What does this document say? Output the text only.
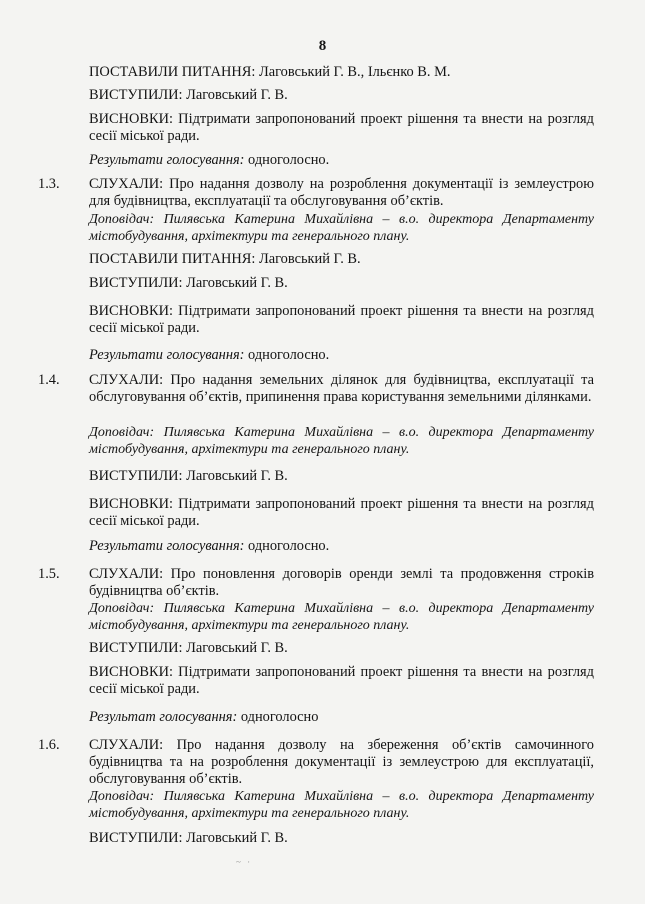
8

ПОСТАВИЛИ ПИТАННЯ: Лаговський Г. В., Ільєнко В. М.

ВИСТУПИЛИ: Лаговський Г. В.

ВИСНОВКИ: Підтримати запропонований проект рішення та внести на розгляд сесії міської ради.

Результати голосування: одноголосно.

1.3. СЛУХАЛИ: Про надання дозволу на розроблення документації із землеустрою для будівництва, експлуатації та обслуговування об’єктів.

Доповідач: Пилявська Катерина Михайлівна – в.о. директора Департаменту містобудування, архітектури та генерального плану.

ПОСТАВИЛИ ПИТАННЯ: Лаговський Г. В.

ВИСТУПИЛИ: Лаговський Г. В.

ВИСНОВКИ: Підтримати запропонований проект рішення та внести на розгляд сесії міської ради.

Результати голосування: одноголосно.

1.4. СЛУХАЛИ: Про надання земельних ділянок для будівництва, експлуатації та обслуговування об’єктів, припинення права користування земельними ділянками.

Доповідач: Пилявська Катерина Михайлівна – в.о. директора Департаменту містобудування, архітектури та генерального плану.

ВИСТУПИЛИ: Лаговський Г. В.

ВИСНОВКИ: Підтримати запропонований проект рішення та внести на розгляд сесії міської ради.

Результати голосування: одноголосно.

1.5. СЛУХАЛИ: Про поновлення договорів оренди землі та продовження строків будівництва об’єктів.

Доповідач: Пилявська Катерина Михайлівна – в.о. директора Департаменту містобудування, архітектури та генерального плану.

ВИСТУПИЛИ: Лаговський Г. В.

ВИСНОВКИ: Підтримати запропонований проект рішення та внести на розгляд сесії міської ради.

Результат голосування: одноголосно

1.6. СЛУХАЛИ: Про надання дозволу на збереження об’єктів самочинного будівництва та на розроблення документації із землеустрою для експлуатації, обслуговування об’єктів.

Доповідач: Пилявська Катерина Михайлівна – в.о. директора Департаменту містобудування, архітектури та генерального плану.

ВИСТУПИЛИ: Лаговський Г. В.

~ ·
